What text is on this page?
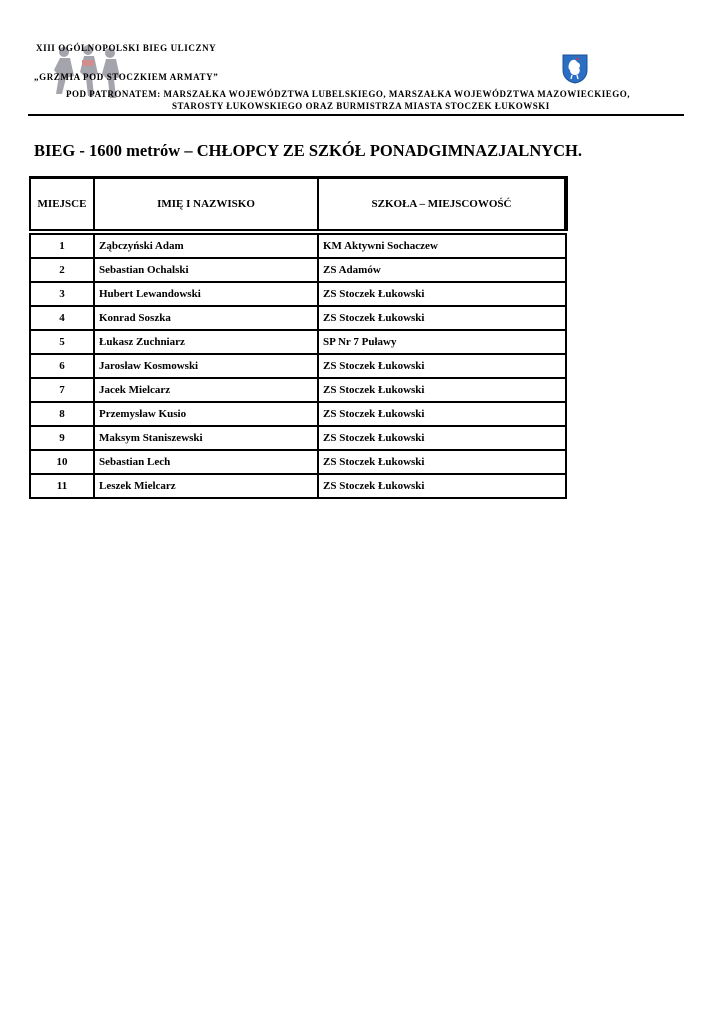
XIII OGÓLNOPOLSKI BIEG ULICZNY
„GRZMIA POD STOCZKIEM ARMATY”
POD PATRONATEM: MARSZAŁKA WOJEWÓDZTWA LUBELSKIEGO, MARSZAŁKA WOJEWÓDZTWA MAZOWIECKIEGO,
STAROSTY ŁUKOWSKIEGO ORAZ BURMISTRZA MIASTA STOCZEK ŁUKOWSKI
BIEG - 1600 metrów – CHŁOPCY ZE SZKÓŁ PONADGIMNAZJALNYCH.
MIEJSCE	IMIĘ I NAZWISKO	SZKOŁA – MIEJSCOWOŚĆ

1	Ząbczyński Adam	KM Aktywni Sochaczew
2	Sebastian Ochalski	ZS Adamów
3	Hubert Lewandowski	ZS Stoczek Łukowski
4	Konrad Soszka	ZS Stoczek Łukowski
5	Łukasz Zuchniarz	SP Nr 7 Puławy
6	Jarosław Kosmowski	ZS Stoczek Łukowski
7	Jacek Mielcarz	ZS Stoczek Łukowski
8	Przemysław Kusio	ZS Stoczek Łukowski
9	Maksym Staniszewski	ZS Stoczek Łukowski
10	Sebastian Lech	ZS Stoczek Łukowski
11	Leszek Mielcarz	ZS Stoczek Łukowski
